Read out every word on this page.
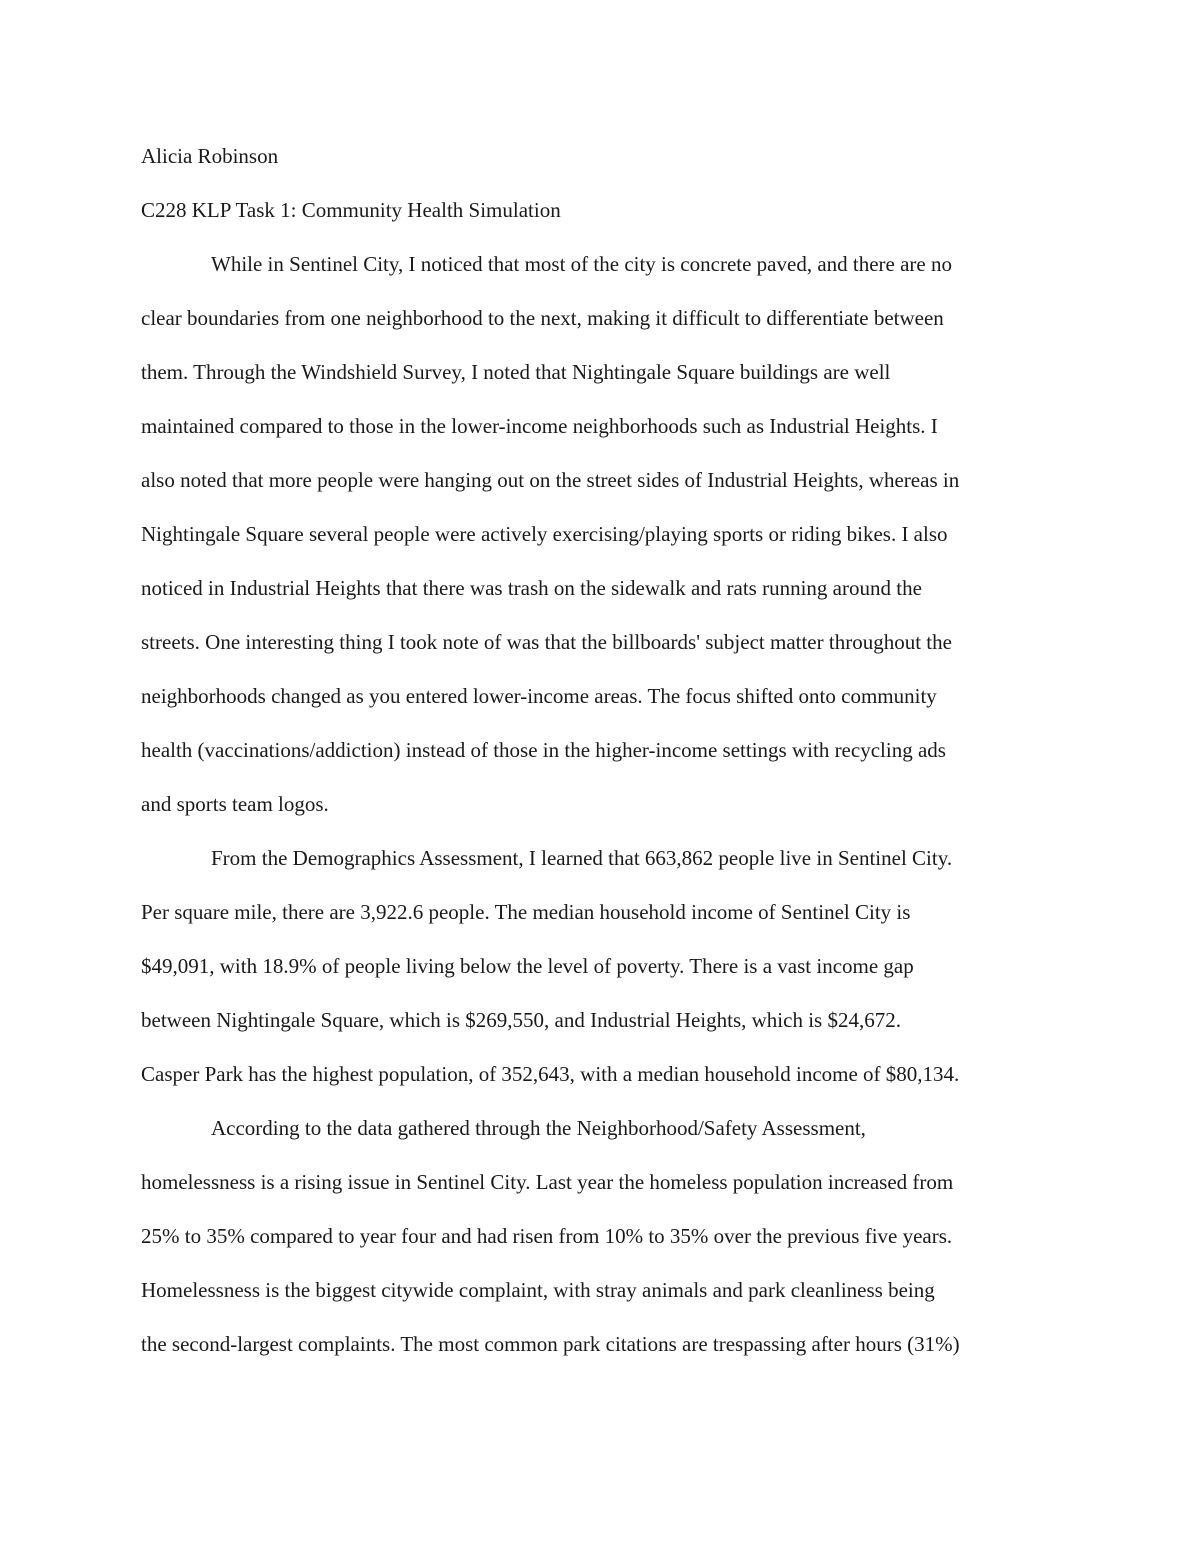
Alicia Robinson

C228 KLP Task 1: Community Health Simulation

While in Sentinel City, I noticed that most of the city is concrete paved, and there are no

clear boundaries from one neighborhood to the next, making it difficult to differentiate between

them. Through the Windshield Survey, I noted that Nightingale Square buildings are well

maintained compared to those in the lower-income neighborhoods such as Industrial Heights. I

also noted that more people were hanging out on the street sides of Industrial Heights, whereas in

Nightingale Square several people were actively exercising/playing sports or riding bikes. I also

noticed in Industrial Heights that there was trash on the sidewalk and rats running around the

streets. One interesting thing I took note of was that the billboards' subject matter throughout the

neighborhoods changed as you entered lower-income areas. The focus shifted onto community

health (vaccinations/addiction) instead of those in the higher-income settings with recycling ads

and sports team logos.

From the Demographics Assessment, I learned that 663,862 people live in Sentinel City.

Per square mile, there are 3,922.6 people. The median household income of Sentinel City is

$49,091, with 18.9% of people living below the level of poverty. There is a vast income gap

between Nightingale Square, which is $269,550, and Industrial Heights, which is $24,672.

Casper Park has the highest population, of 352,643, with a median household income of $80,134.

According to the data gathered through the Neighborhood/Safety Assessment,

homelessness is a rising issue in Sentinel City. Last year the homeless population increased from

25% to 35% compared to year four and had risen from 10% to 35% over the previous five years.

Homelessness is the biggest citywide complaint, with stray animals and park cleanliness being

the second-largest complaints. The most common park citations are trespassing after hours (31%)
